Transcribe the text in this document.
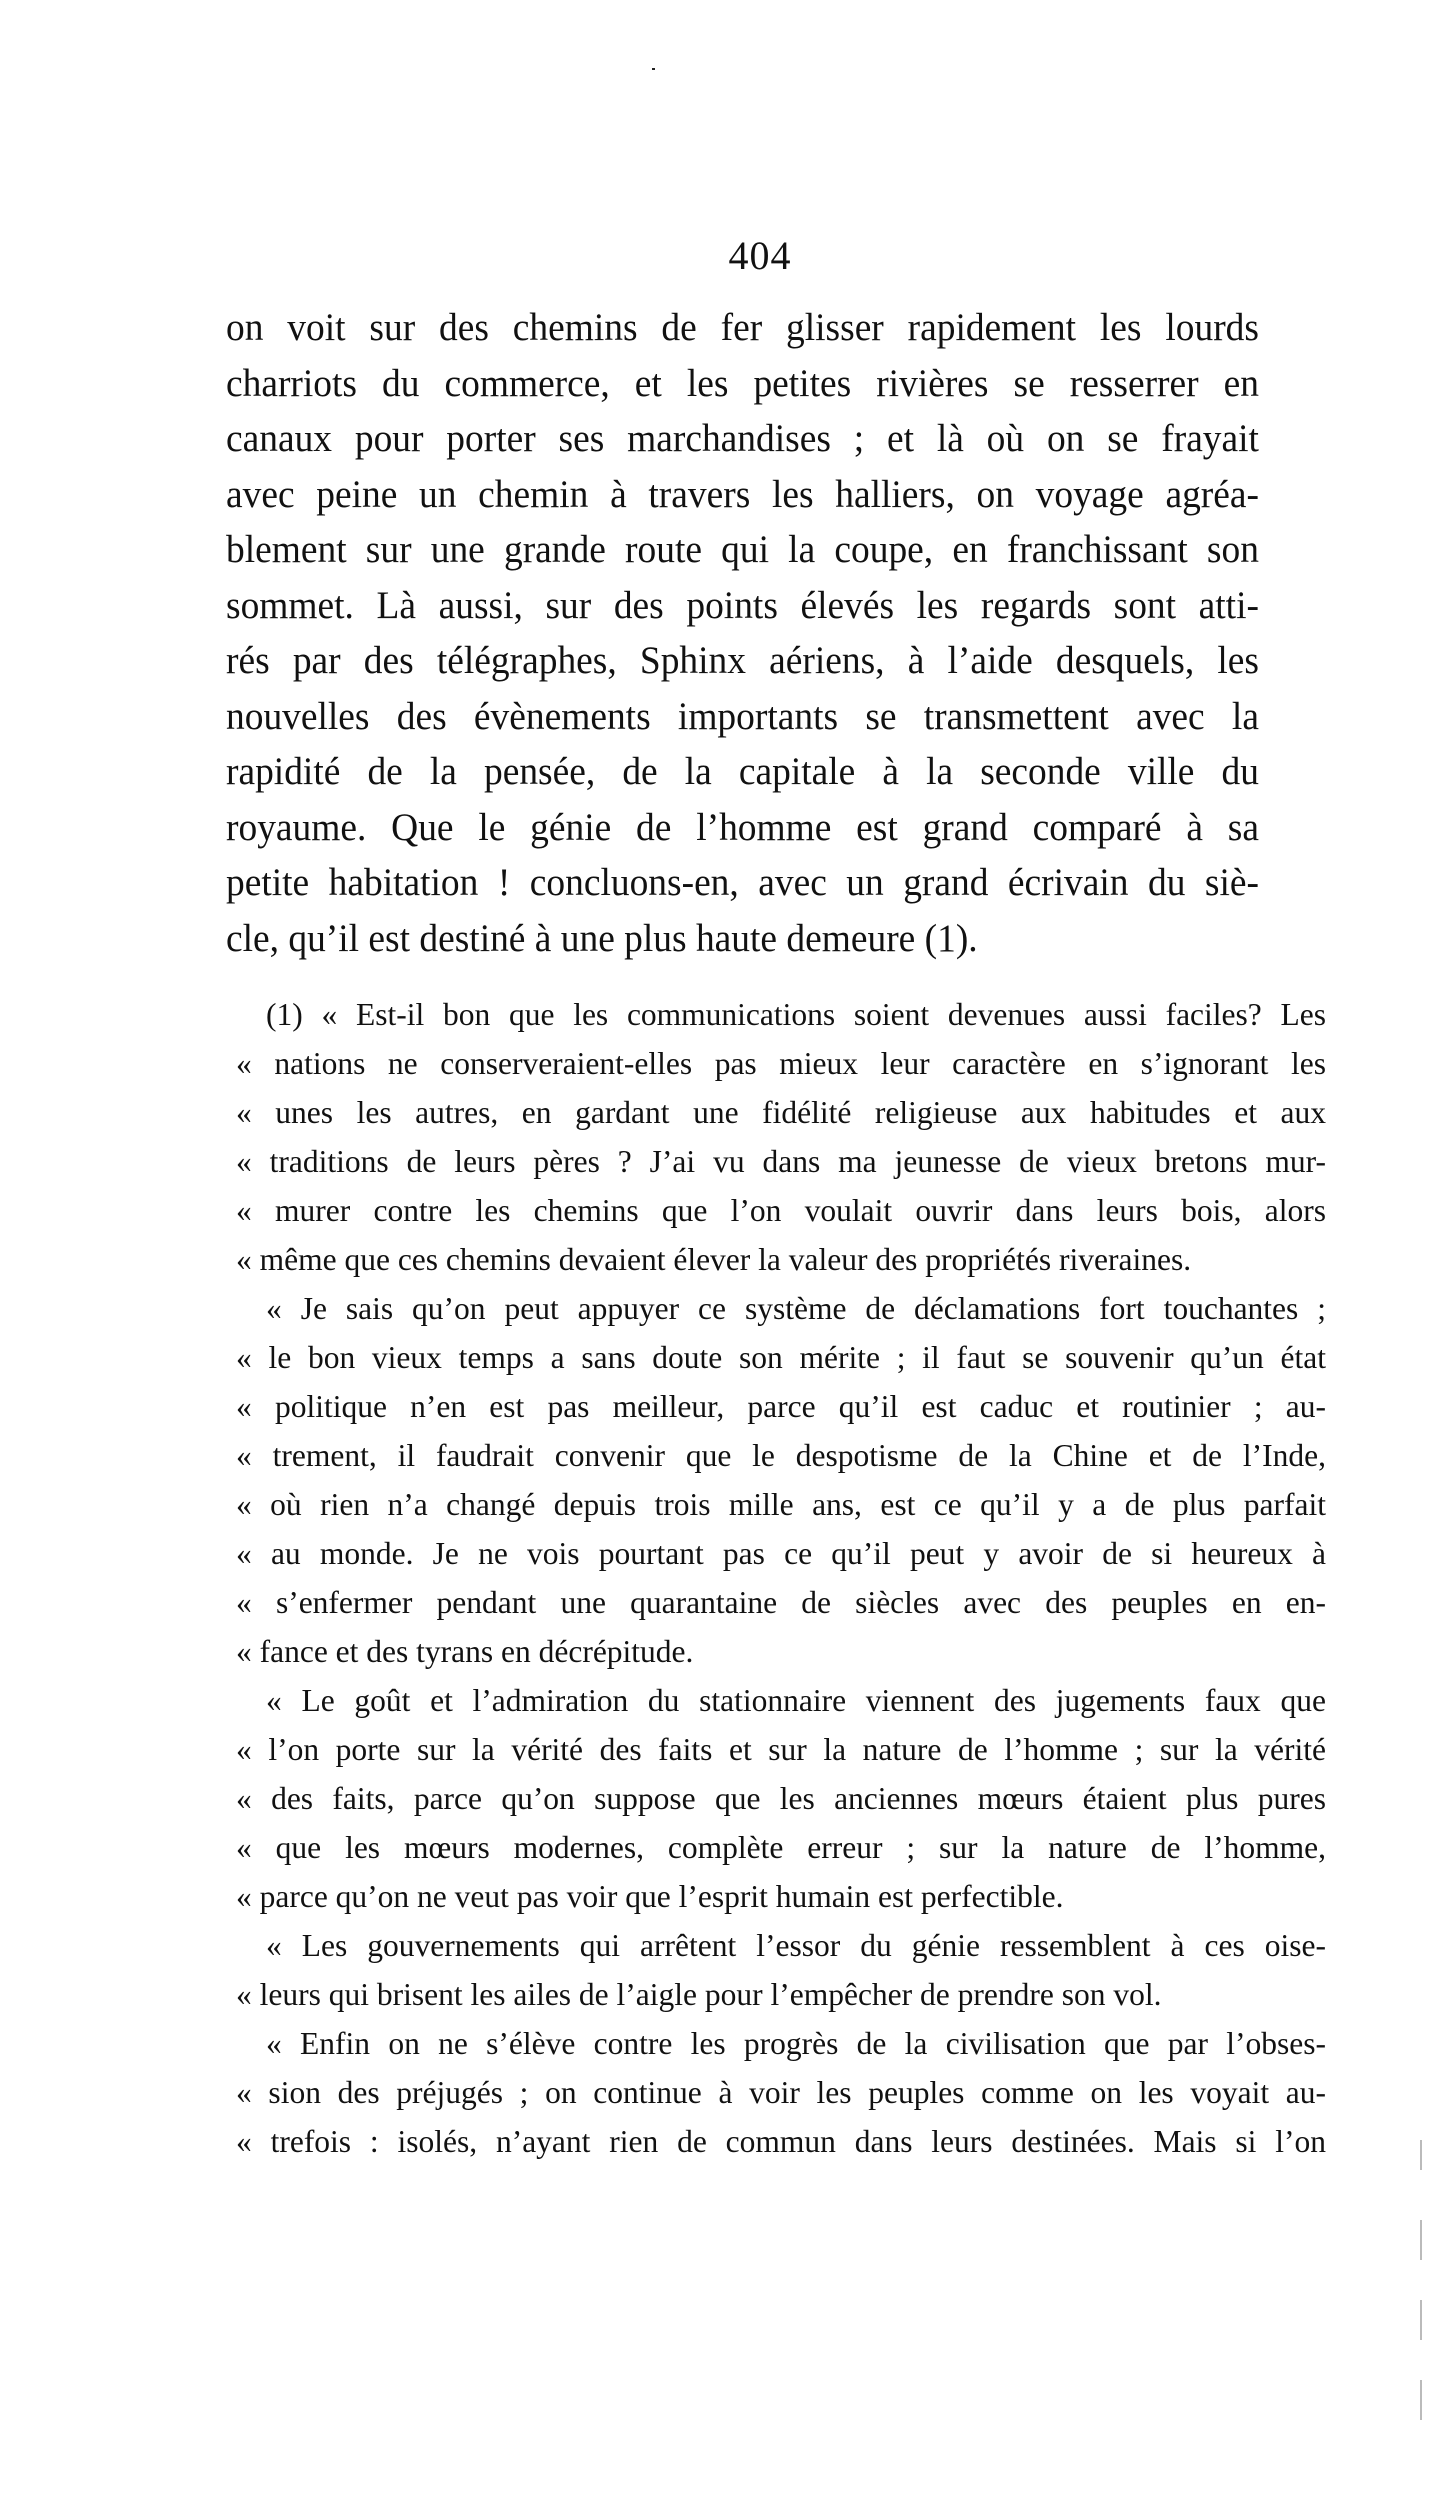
404
on voit sur des chemins de fer glisser rapidement les lourds
charriots du commerce, et les petites rivières se resserrer en
canaux pour porter ses marchandises ; et là où on se frayait
avec peine un chemin à travers les halliers, on voyage agréa-
blement sur une grande route qui la coupe, en franchissant son
sommet. Là aussi, sur des points élevés les regards sont atti-
rés par des télégraphes, Sphinx aériens, à l’aide desquels, les
nouvelles des évènements importants se transmettent avec la
rapidité de la pensée, de la capitale à la seconde ville du
royaume. Que le génie de l’homme est grand comparé à sa
petite habitation ! concluons-en, avec un grand écrivain du siè-
cle, qu’il est destiné à une plus haute demeure (1).
(1) « Est-il bon que les communications soient devenues aussi faciles? Les
« nations ne conserveraient-elles pas mieux leur caractère en s’ignorant les
« unes les autres, en gardant une fidélité religieuse aux habitudes et aux
« traditions de leurs pères ? J’ai vu dans ma jeunesse de vieux bretons mur-
« murer contre les chemins que l’on voulait ouvrir dans leurs bois, alors
« même que ces chemins devaient élever la valeur des propriétés riveraines.
« Je sais qu’on peut appuyer ce système de déclamations fort touchantes ;
« le bon vieux temps a sans doute son mérite ; il faut se souvenir qu’un état
« politique n’en est pas meilleur, parce qu’il est caduc et routinier ; au-
« trement, il faudrait convenir que le despotisme de la Chine et de l’Inde,
« où rien n’a changé depuis trois mille ans, est ce qu’il y a de plus parfait
« au monde. Je ne vois pourtant pas ce qu’il peut y avoir de si heureux à
« s’enfermer pendant une quarantaine de siècles avec des peuples en en-
« fance et des tyrans en décrépitude.
« Le goût et l’admiration du stationnaire viennent des jugements faux que
« l’on porte sur la vérité des faits et sur la nature de l’homme ; sur la vérité
« des faits, parce qu’on suppose que les anciennes mœurs étaient plus pures
« que les mœurs modernes, complète erreur ; sur la nature de l’homme,
« parce qu’on ne veut pas voir que l’esprit humain est perfectible.
« Les gouvernements qui arrêtent l’essor du génie ressemblent à ces oise-
« leurs qui brisent les ailes de l’aigle pour l’empêcher de prendre son vol.
« Enfin on ne s’élève contre les progrès de la civilisation que par l’obses-
« sion des préjugés ; on continue à voir les peuples comme on les voyait au-
« trefois : isolés, n’ayant rien de commun dans leurs destinées. Mais si l’on
